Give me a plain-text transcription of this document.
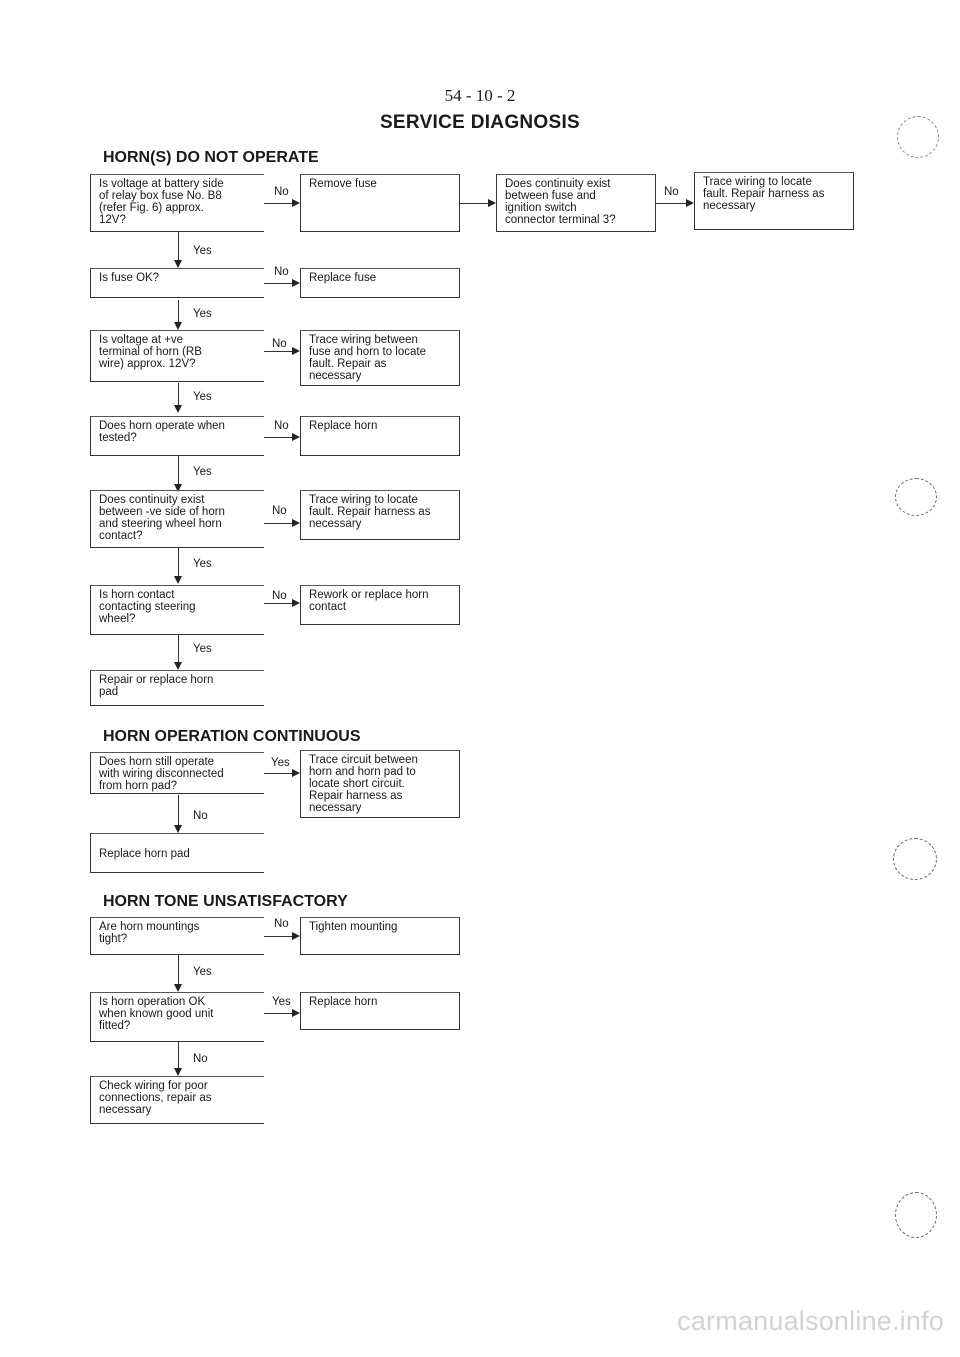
54 - 10 - 2
SERVICE DIAGNOSIS
HORN(S) DO NOT OPERATE
Is voltage at battery side
of relay box fuse No. B8
(refer Fig. 6) approx.
12V?
No
Remove fuse	Does continuity exist
between fuse and
ignition switch
connector terminal 3?
No
Trace wiring to locate
fault. Repair harness as
necessary
Yes
Is fuse OK?	No	Replace fuse
Yes
Is voltage at +ve
terminal of horn (RB
wire) approx. 12V?
No	Trace wiring between
fuse and horn to locate
fault. Repair as
necessary
Yes
Does horn operate when
tested?
No	Replace horn
Yes
Does continuity exist
between -ve side of horn
and steering wheel horn
contact?
No
Trace wiring to locate
fault. Repair harness as
necessary
Yes
Is horn contact
contacting steering
wheel?
No	Rework or replace horn
contact
Yes
Repair or replace horn
pad
HORN OPERATION CONTINUOUS
Does horn still operate
with wiring disconnected
from horn pad?
Yes	Trace circuit between
horn and horn pad to
locate short circuit.
Repair harness as
necessary
No
Replace horn pad
HORN TONE UNSATISFACTORY
Are horn mountings
tight?
No	Tighten mounting
Yes
Is horn operation OK
when known good unit
fitted?
Yes	Replace horn
No
Check wiring for poor
connections, repair as
necessary
carmanualsonline.info
